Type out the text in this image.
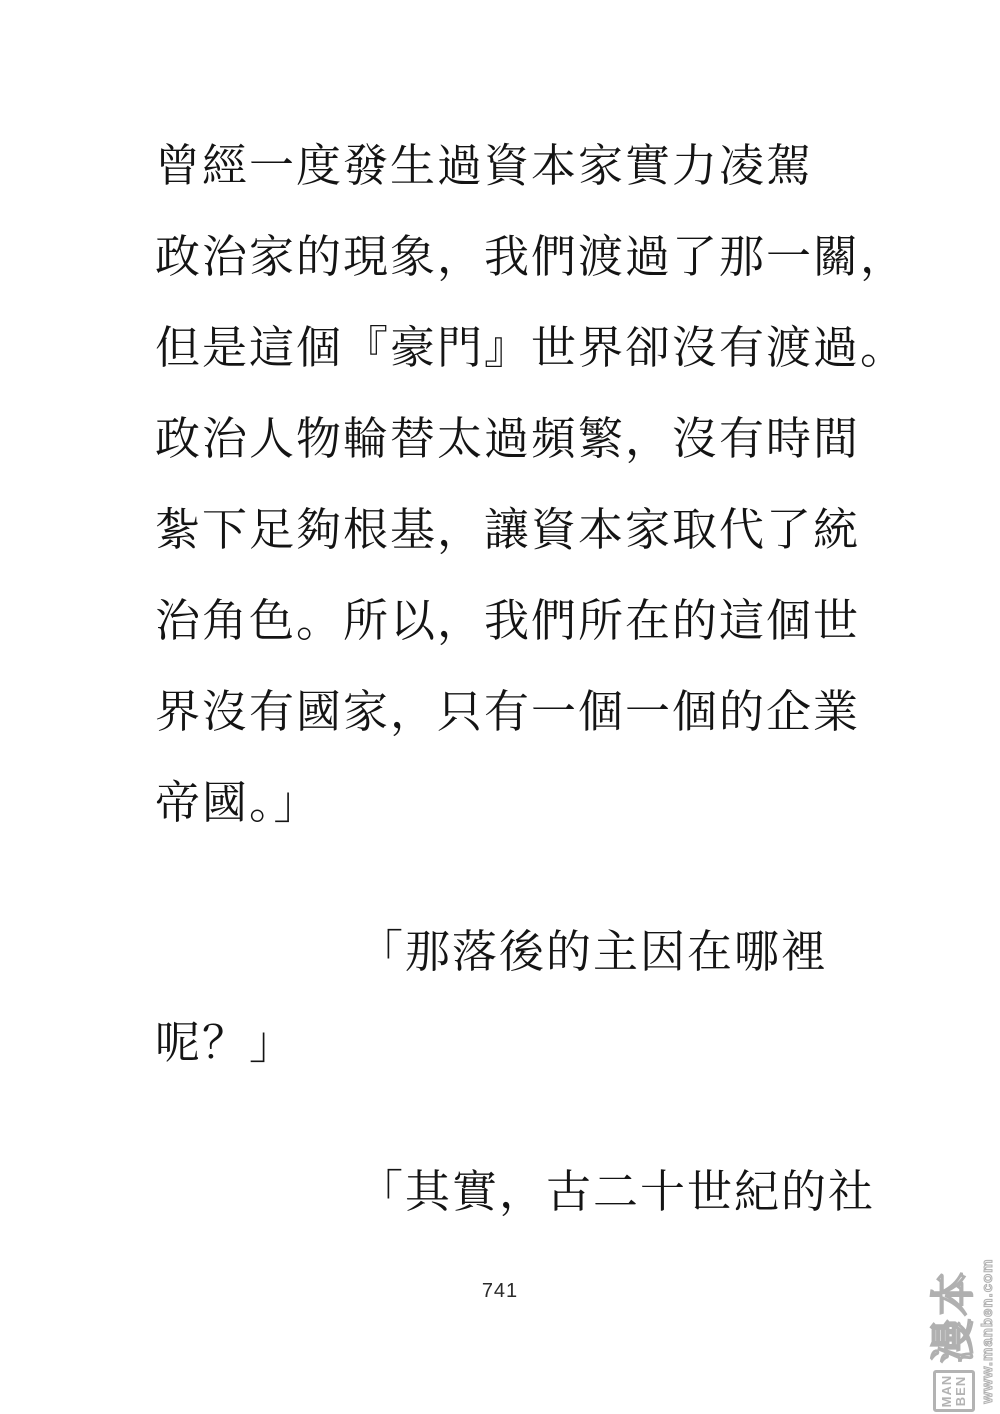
曾經一度發生過資本家實力凌駕
政治家的現象，我們渡過了那一關，
但是這個『豪門』世界卻沒有渡過。
政治人物輪替太過頻繁，沒有時間
紮下足夠根基，讓資本家取代了統
治角色。所以，我們所在的這個世
界沒有國家，只有一個一個的企業
帝國。」
「那落後的主因在哪裡
呢？」
「其實，古二十世紀的社
741
MAN BEN
漫本 www.manben.com
